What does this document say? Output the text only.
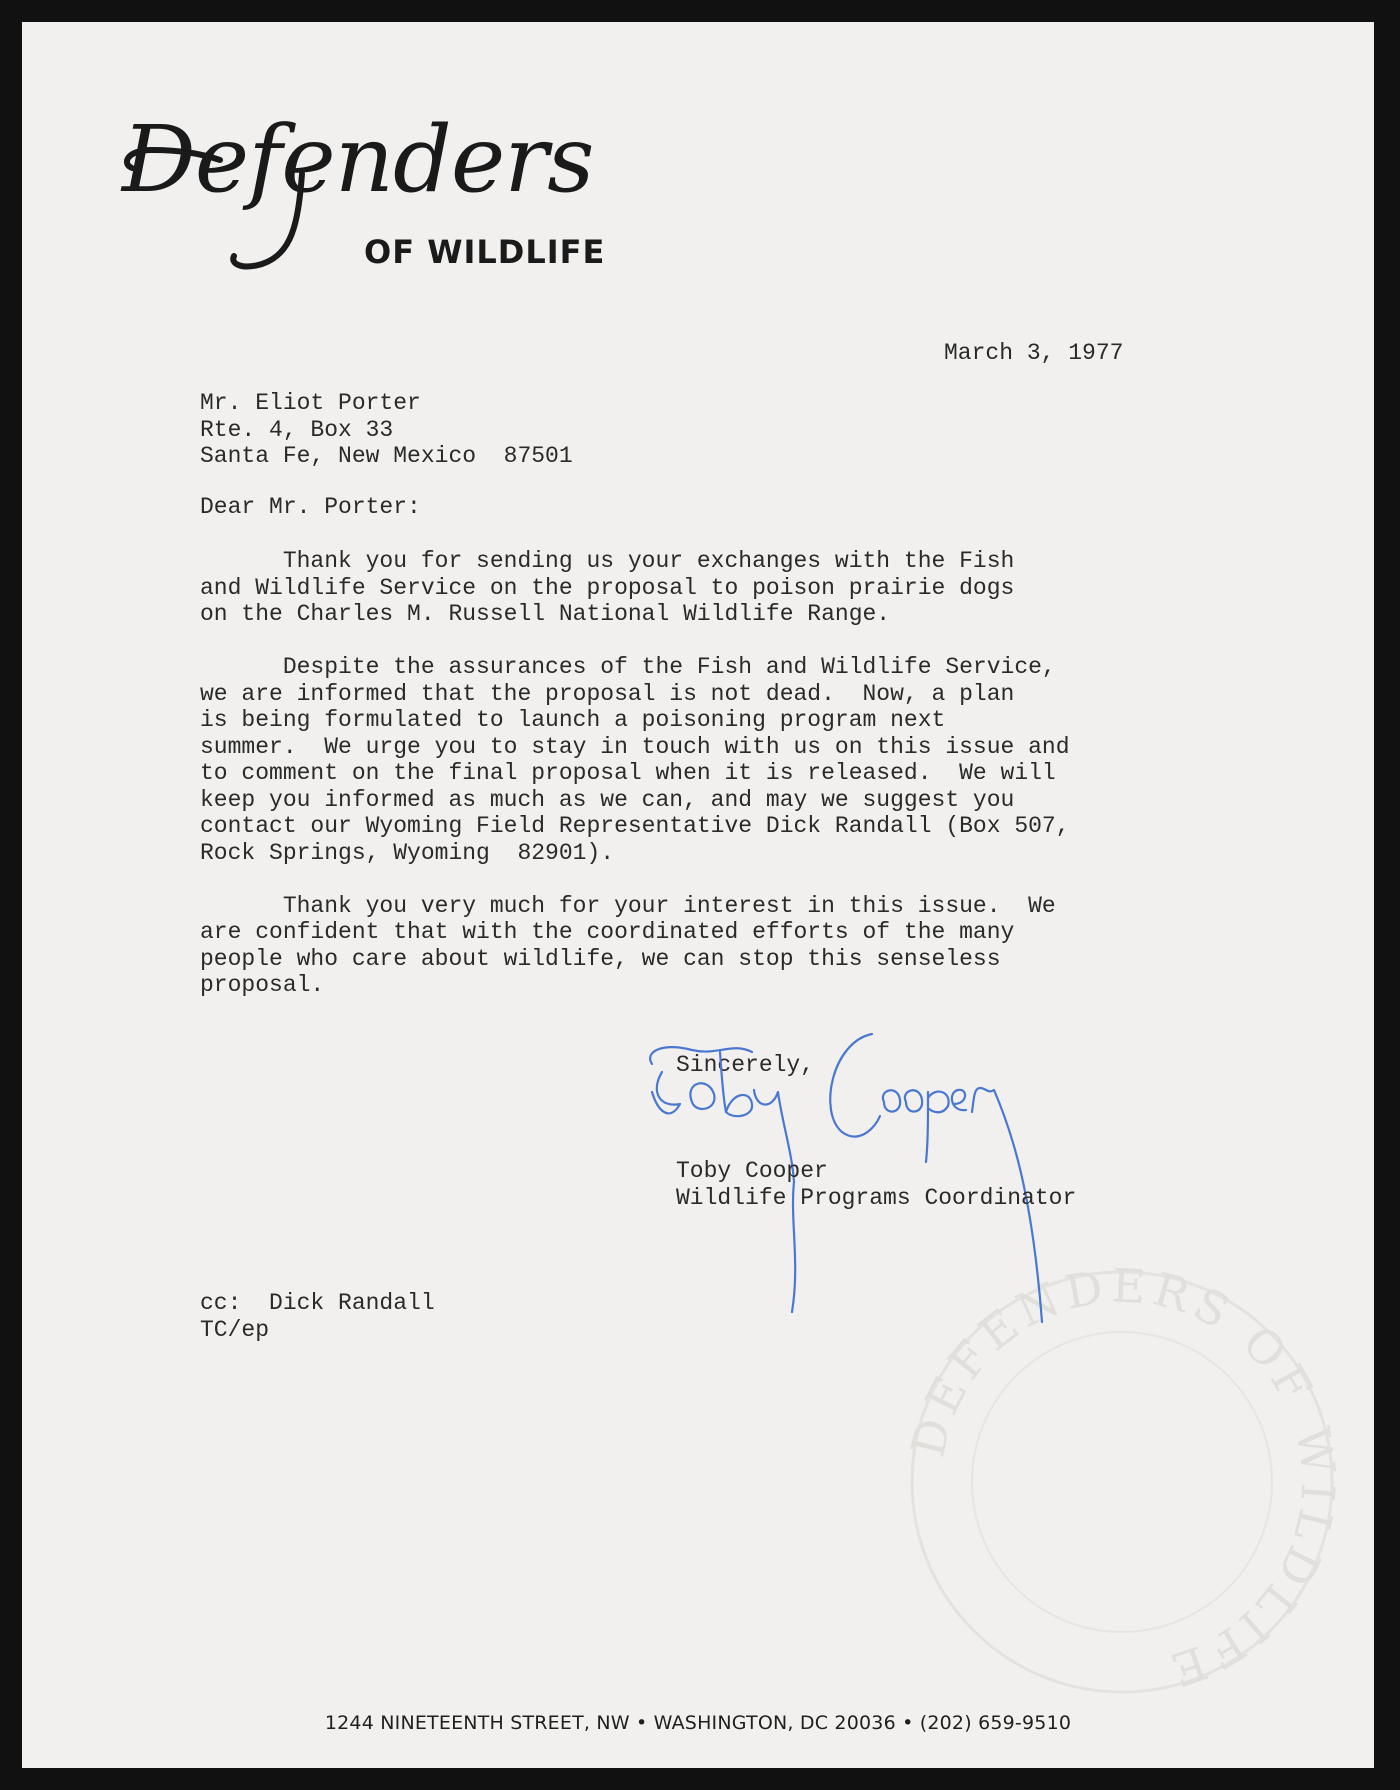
DEFENDERS OF WILDLIFE
Defenders
OF WILDLIFE
March 3, 1977
Mr. Eliot Porter
Rte. 4, Box 33
Santa Fe, New Mexico  87501
Dear Mr. Porter:
Thank you for sending us your exchanges with the Fish
and Wildlife Service on the proposal to poison prairie dogs
on the Charles M. Russell National Wildlife Range.
Despite the assurances of the Fish and Wildlife Service,
we are informed that the proposal is not dead.  Now, a plan
is being formulated to launch a poisoning program next
summer.  We urge you to stay in touch with us on this issue and
to comment on the final proposal when it is released.  We will
keep you informed as much as we can, and may we suggest you
contact our Wyoming Field Representative Dick Randall (Box 507,
Rock Springs, Wyoming  82901).
Thank you very much for your interest in this issue.  We
are confident that with the coordinated efforts of the many
people who care about wildlife, we can stop this senseless
proposal.
Sincerely,
Toby Cooper
Wildlife Programs Coordinator
cc:  Dick Randall
TC/ep
1244 NINETEENTH STREET, NW • WASHINGTON, DC 20036 • (202) 659-9510
